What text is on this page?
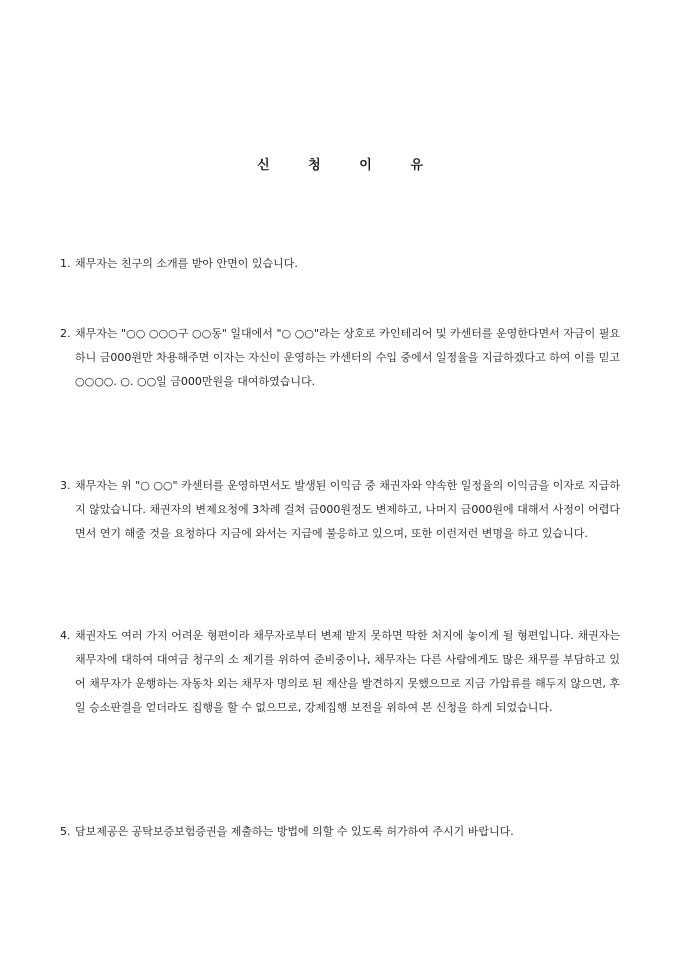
신 청 이 유
1. 채무자는 친구의 소개를 받아 안면이 있습니다.
2. 채무자는 "○○ ○○○구 ○○동" 일대에서 "○ ○○"라는 상호로 카인테리어 및 카센터를 운영한다면서 자금이 필요하니 금000원만 차용해주면 이자는 자신이 운영하는 카센터의 수입 중에서 일정율을 지급하겠다고 하여 이를 믿고 ○○○○. ○. ○○일 금000만원을 대여하였습니다.
3. 채무자는 위 "○ ○○" 카센터를 운영하면서도 발생된 이익금 중 채권자와 약속한 일정율의 이익금을 이자로 지급하지 않았습니다. 채권자의 변제요청에 3차례 걸쳐 금000원정도 변제하고, 나머지 금000원에 대해서 사정이 어렵다면서 연기 해줄 것을 요청하다 지금에 와서는 지급에 불응하고 있으며, 또한 이런저런 변명을 하고 있습니다.
4. 채권자도 여러 가지 어려운 형편이라 채무자로부터 변제 받지 못하면 딱한 처지에 놓이게 될 형편입니다. 채권자는 채무자에 대하여 대여금 청구의 소 제기를 위하여 준비중이나, 채무자는 다른 사람에게도 많은 채무를 부담하고 있어 채무자가 운행하는 자동차 외는 채무자 명의로 된 재산을 발견하지 못했으므로 지금 가압류를 해두지 않으면, 후일 승소판결을 얻더라도 집행을 할 수 없으므로, 강제집행 보전을 위하여 본 신청을 하게 되었습니다.
5. 담보제공은 공탁보증보험증권을 제출하는 방법에 의할 수 있도록 허가하여 주시기 바랍니다.
